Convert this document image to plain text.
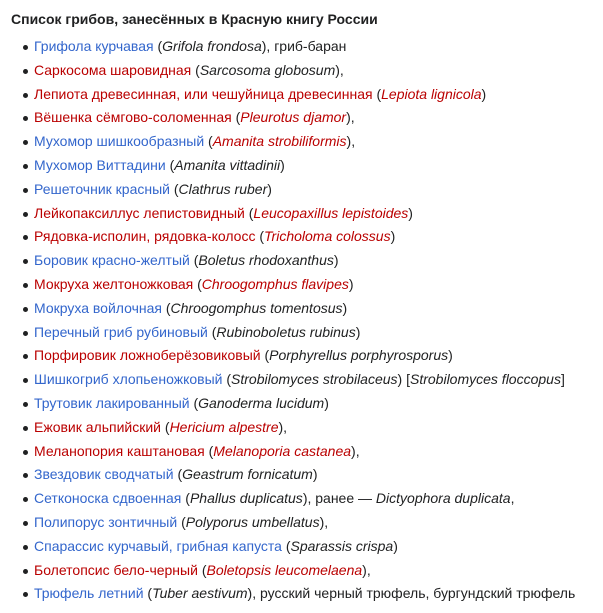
Список грибов, занесённых в Красную книгу России
Грифола курчавая (Grifola frondosa), гриб-баран
Саркосома шаровидная (Sarcosoma globosum),
Лепиота древесинная, или чешуйница древесинная (Lepiota lignicola)
Вёшенка сёмгово-соломенная (Pleurotus djamor),
Мухомор шишкообразный (Amanita strobiliformis),
Мухомор Виттадини (Amanita vittadinii)
Решеточник красный (Clathrus ruber)
Лейкопаксиллус лепистовидный (Leucopaxillus lepistoides)
Рядовка-исполин, рядовка-колосс (Tricholoma colossus)
Боровик красно-желтый (Boletus rhodoxanthus)
Мокруха желтоножковая (Chroogomphus flavipes)
Мокруха войлочная (Chroogomphus tomentosus)
Перечный гриб рубиновый (Rubinoboletus rubinus)
Порфировик ложноберёзовиковый (Porphyrellus porphyrosporus)
Шишкогриб хлопьеножковый (Strobilomyces strobilaceus) [Strobilomyces floccopus]
Трутовик лакированный (Ganoderma lucidum)
Ежовик альпийский (Hericium alpestre),
Меланопория каштановая (Melanoporia castanea),
Звездовик сводчатый (Geastrum fornicatum)
Сетконоска сдвоенная (Phallus duplicatus), ранее — Dictyophora duplicata,
Полипорус зонтичный (Polyporus umbellatus),
Спарассис курчавый, грибная капуста (Sparassis crispa)
Болетопсис бело-черный (Boletopsis leucomelaena),
Трюфель летний (Tuber aestivum), русский черный трюфель, бургундский трюфель
